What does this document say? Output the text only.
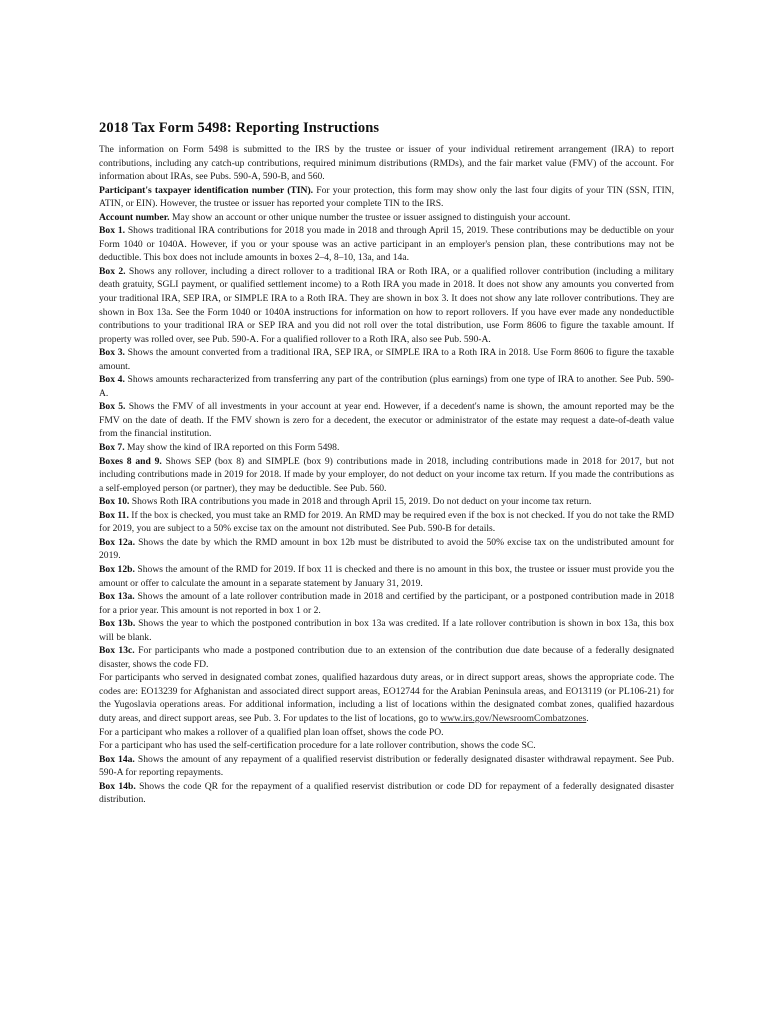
2018 Tax Form 5498: Reporting Instructions

The information on Form 5498 is submitted to the IRS by the trustee or issuer of your individual retirement arrangement (IRA) to report contributions, including any catch-up contributions, required minimum distributions (RMDs), and the fair market value (FMV) of the account. For information about IRAs, see Pubs. 590-A, 590-B, and 560.

Participant's taxpayer identification number (TIN). For your protection, this form may show only the last four digits of your TIN (SSN, ITIN, ATIN, or EIN). However, the trustee or issuer has reported your complete TIN to the IRS.

Account number. May show an account or other unique number the trustee or issuer assigned to distinguish your account.

Box 1. Shows traditional IRA contributions for 2018 you made in 2018 and through April 15, 2019. These contributions may be deductible on your Form 1040 or 1040A. However, if you or your spouse was an active participant in an employer's pension plan, these contributions may not be deductible. This box does not include amounts in boxes 2–4, 8–10, 13a, and 14a.

Box 2. Shows any rollover, including a direct rollover to a traditional IRA or Roth IRA, or a qualified rollover contribution (including a military death gratuity, SGLI payment, or qualified settlement income) to a Roth IRA you made in 2018. It does not show any amounts you converted from your traditional IRA, SEP IRA, or SIMPLE IRA to a Roth IRA. They are shown in box 3. It does not show any late rollover contributions. They are shown in Box 13a. See the Form 1040 or 1040A instructions for information on how to report rollovers. If you have ever made any nondeductible contributions to your traditional IRA or SEP IRA and you did not roll over the total distribution, use Form 8606 to figure the taxable amount. If property was rolled over, see Pub. 590-A. For a qualified rollover to a Roth IRA, also see Pub. 590-A.

Box 3. Shows the amount converted from a traditional IRA, SEP IRA, or SIMPLE IRA to a Roth IRA in 2018. Use Form 8606 to figure the taxable amount.

Box 4. Shows amounts recharacterized from transferring any part of the contribution (plus earnings) from one type of IRA to another. See Pub. 590-A.

Box 5. Shows the FMV of all investments in your account at year end. However, if a decedent's name is shown, the amount reported may be the FMV on the date of death. If the FMV shown is zero for a decedent, the executor or administrator of the estate may request a date-of-death value from the financial institution.

Box 7. May show the kind of IRA reported on this Form 5498.

Boxes 8 and 9. Shows SEP (box 8) and SIMPLE (box 9) contributions made in 2018, including contributions made in 2018 for 2017, but not including contributions made in 2019 for 2018. If made by your employer, do not deduct on your income tax return. If you made the contributions as a self-employed person (or partner), they may be deductible. See Pub. 560.

Box 10. Shows Roth IRA contributions you made in 2018 and through April 15, 2019. Do not deduct on your income tax return.

Box 11. If the box is checked, you must take an RMD for 2019. An RMD may be required even if the box is not checked. If you do not take the RMD for 2019, you are subject to a 50% excise tax on the amount not distributed. See Pub. 590-B for details.

Box 12a. Shows the date by which the RMD amount in box 12b must be distributed to avoid the 50% excise tax on the undistributed amount for 2019.

Box 12b. Shows the amount of the RMD for 2019. If box 11 is checked and there is no amount in this box, the trustee or issuer must provide you the amount or offer to calculate the amount in a separate statement by January 31, 2019.

Box 13a. Shows the amount of a late rollover contribution made in 2018 and certified by the participant, or a postponed contribution made in 2018 for a prior year. This amount is not reported in box 1 or 2.

Box 13b. Shows the year to which the postponed contribution in box 13a was credited. If a late rollover contribution is shown in box 13a, this box will be blank.

Box 13c. For participants who made a postponed contribution due to an extension of the contribution due date because of a federally designated disaster, shows the code FD.

For participants who served in designated combat zones, qualified hazardous duty areas, or in direct support areas, shows the appropriate code. The codes are: EO13239 for Afghanistan and associated direct support areas, EO12744 for the Arabian Peninsula areas, and EO13119 (or PL106-21) for the Yugoslavia operations areas. For additional information, including a list of locations within the designated combat zones, qualified hazardous duty areas, and direct support areas, see Pub. 3. For updates to the list of locations, go to www.irs.gov/NewsroomCombatzones.

For a participant who makes a rollover of a qualified plan loan offset, shows the code PO.

For a participant who has used the self-certification procedure for a late rollover contribution, shows the code SC.

Box 14a. Shows the amount of any repayment of a qualified reservist distribution or federally designated disaster withdrawal repayment. See Pub. 590-A for reporting repayments.

Box 14b. Shows the code QR for the repayment of a qualified reservist distribution or code DD for repayment of a federally designated disaster distribution.
